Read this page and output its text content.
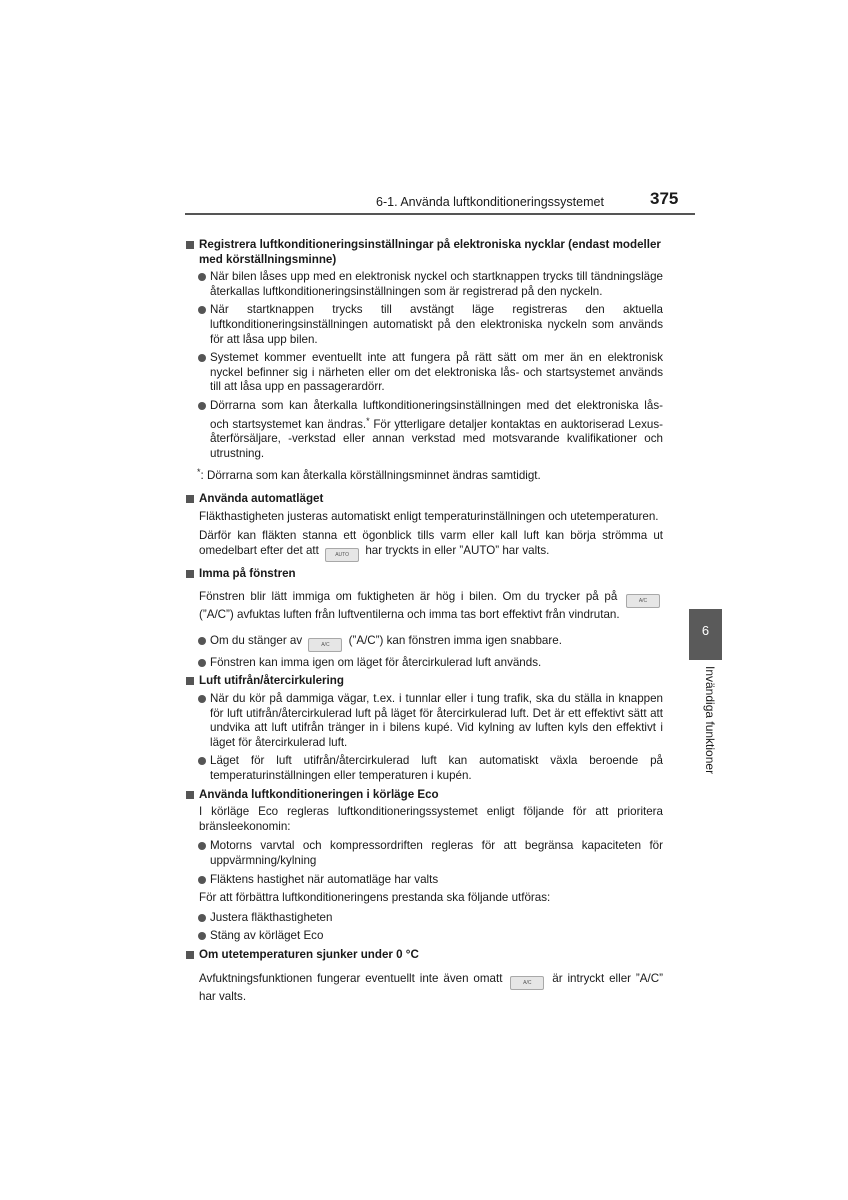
6-1. Använda luftkonditioneringssystemet	375
Registrera luftkonditioneringsinställningar på elektroniska nycklar (endast modeller med körställningsminne)
När bilen låses upp med en elektronisk nyckel och startknappen trycks till tändningsläge återkallas luftkonditioneringsinställningen som är registrerad på den nyckeln.
När startknappen trycks till avstängt läge registreras den aktuella luftkonditioneringsinställningen automatiskt på den elektroniska nyckeln som används för att låsa upp bilen.
Systemet kommer eventuellt inte att fungera på rätt sätt om mer än en elektronisk nyckel befinner sig i närheten eller om det elektroniska lås- och startsystemet används till att låsa upp en passagerardörr.
Dörrarna som kan återkalla luftkonditioneringsinställningen med det elektroniska lås- och startsystemet kan ändras.* För ytterligare detaljer kontaktas en auktoriserad Lexus-återförsäljare, -verkstad eller annan verkstad med motsvarande kvalifikationer och utrustning.
*: Dörrarna som kan återkalla körställningsminnet ändras samtidigt.
Använda automatläget
Fläkthastigheten justeras automatiskt enligt temperaturinställningen och utetemperaturen.
Därför kan fläkten stanna ett ögonblick tills varm eller kall luft kan börja strömma ut omedelbart efter det att	AUTO har tryckts in eller ”AUTO” har valts.
Imma på fönstren
Fönstren blir lätt immiga om fuktigheten är hög i bilen. Om du trycker på på	A/C (”A/C”) avfuktas luften från luftventilerna och imma tas bort effektivt från vindrutan.
Om du stänger av	A/C (”A/C”) kan fönstren imma igen snabbare.
Fönstren kan imma igen om läget för återcirkulerad luft används.
Luft utifrån/återcirkulering
När du kör på dammiga vägar, t.ex. i tunnlar eller i tung trafik, ska du ställa in knappen för luft utifrån/återcirkulerad luft på läget för återcirkulerad luft. Det är ett effektivt sätt att undvika att luft utifrån tränger in i bilens kupé. Vid kylning av luften kyls den effektivt i läget för återcirkulerad luft.
Läget för luft utifrån/återcirkulerad luft kan automatiskt växla beroende på temperaturinställningen eller temperaturen i kupén.
Använda luftkonditioneringen i körläge Eco
I körläge Eco regleras luftkonditioneringssystemet enligt följande för att prioritera bränsleekonomin:
Motorns varvtal och kompressordriften regleras för att begränsa kapaciteten för uppvärmning/kylning
Fläktens hastighet när automatläge har valts
För att förbättra luftkonditioneringens prestanda ska följande utföras:
Justera fläkthastigheten
Stäng av körläget Eco
Om utetemperaturen sjunker under 0 °C
Avfuktningsfunktionen fungerar eventuellt inte även omatt	A/C är intryckt eller ”A/C” har valts.
6
Invändiga funktioner
